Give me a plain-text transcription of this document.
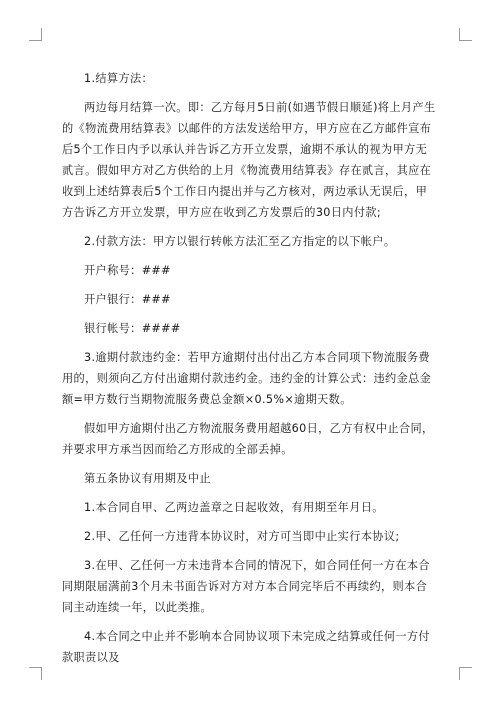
1.结算方法：

两边每月结算一次。即：乙方每月5日前(如遇节假日顺延)将上月产生的《物流费用结算表》以邮件的方法发送给甲方，甲方应在乙方邮件宣布后5个工作日内予以承认并告诉乙方开立发票，逾期不承认的视为甲方无贰言。假如甲方对乙方供给的上月《物流费用结算表》存在贰言，其应在收到上述结算表后5个工作日内提出并与乙方核对，两边承认无误后，甲方告诉乙方开立发票，甲方应在收到乙方发票后的30日内付款;

2.付款方法：甲方以银行转帐方法汇至乙方指定的以下帐户。

开户称号：###

开户银行：###

银行帐号：####

3.逾期付款违约金：若甲方逾期付出付出乙方本合同项下物流服务费用的，则须向乙方付出逾期付款违约金。违约金的计算公式：违约金总金额=甲方数行当期物流服务费总金额×0.5%×逾期天数。

假如甲方逾期付出乙方物流服务费用超越60日，乙方有权中止合同，并要求甲方承当因而给乙方形成的全部丢掉。

第五条协议有用期及中止

1.本合同自甲、乙两边盖章之日起收效，有用期至年月日。

2.甲、乙任何一方违背本协议时，对方可当即中止实行本协议;

3.在甲、乙任何一方未违背本合同的情况下，如合同任何一方在本合同期限届满前3个月未书面告诉对方对方本合同完毕后不再续约，则本合同主动连续一年，以此类推。

4.本合同之中止并不影响本合同协议项下未完成之结算或任何一方付款职责以及
